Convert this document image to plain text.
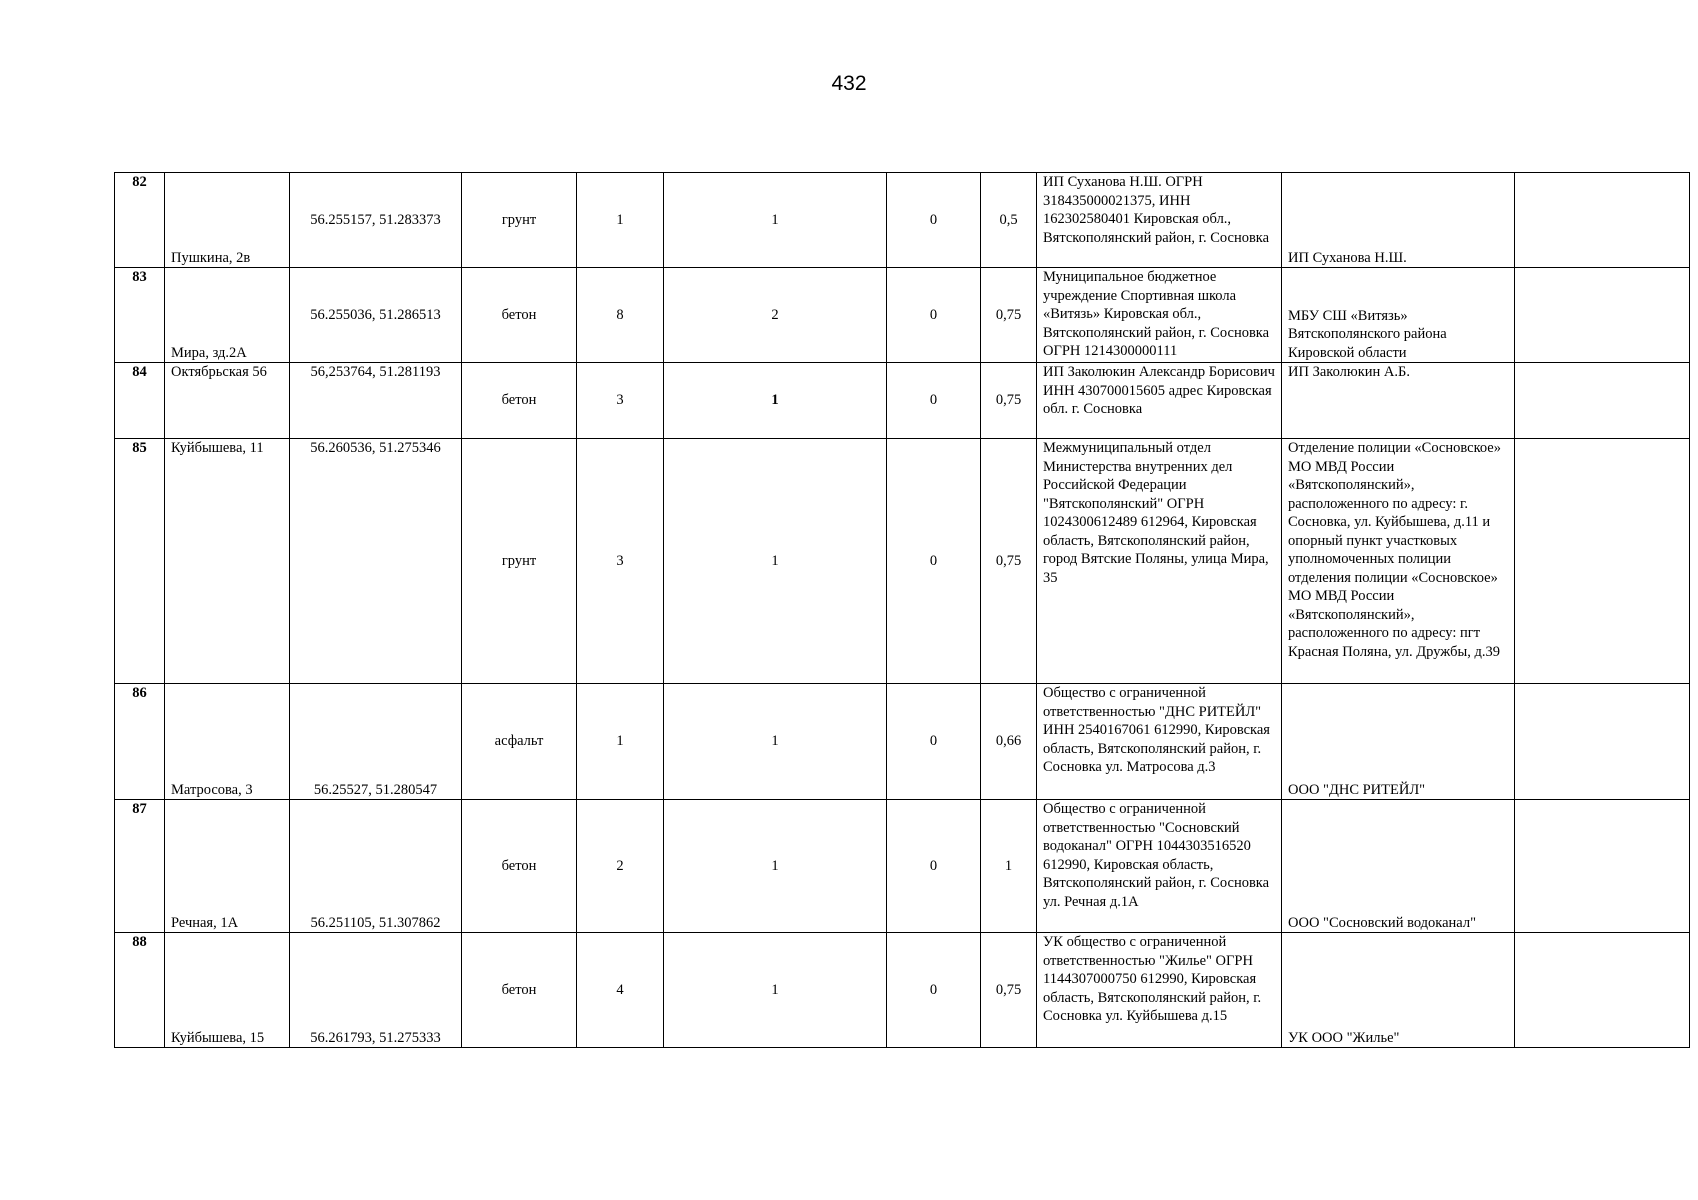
432
82	Пушкина, 2в	56.255157, 51.283373	грунт	1	1	0	0,5	ИП Суханова Н.Ш. ОГРН 318435000021375, ИНН 162302580401 Кировская обл., Вятскополянский район, г. Сосновка	ИП Суханова Н.Ш.	
83	Мира, зд.2А	56.255036, 51.286513	бетон	8	2	0	0,75	Муниципальное бюджетное учреждение Спортивная школа «Витязь» Кировская обл., Вятскополянский район, г. Сосновка ОГРН 1214300000111	МБУ СШ «Витязь» Вятскополянского района Кировской области	
84	Октябрьская 56	56,253764, 51.281193	бетон	3	1	0	0,75	ИП Заколюкин Александр Борисович ИНН 430700015605 адрес Кировская обл. г. Сосновка	ИП Заколюкин А.Б.	
85	Куйбышева, 11	56.260536, 51.275346	грунт	3	1	0	0,75	Межмуниципальный отдел Министерства внутренних дел Российской Федерации "Вятскополянский" ОГРН 1024300612489 612964, Кировская область, Вятскополянский район, город Вятские Поляны, улица Мира, 35	Отделение полиции «Сосновское» МО МВД России «Вятскополянский», расположенного по адресу: г. Сосновка, ул. Куйбышева, д.11 и опорный пункт участковых уполномоченных полиции отделения полиции «Сосновское» МО МВД России «Вятскополянский», расположенного по адресу: пгт Красная Поляна, ул. Дружбы, д.39	
86	Матросова, 3	56.25527, 51.280547	асфальт	1	1	0	0,66	Общество с ограниченной ответственностью "ДНС РИТЕЙЛ" ИНН 2540167061 612990, Кировская область, Вятскополянский район, г. Сосновка ул. Матросова д.3	ООО "ДНС РИТЕЙЛ"	
87	Речная, 1А	56.251105, 51.307862	бетон	2	1	0	1	Общество с ограниченной ответственностью "Сосновский водоканал" ОГРН 1044303516520 612990, Кировская область, Вятскополянский район, г. Сосновка ул. Речная д.1А	ООО "Сосновский водоканал"	
88	Куйбышева, 15	56.261793, 51.275333	бетон	4	1	0	0,75	УК общество с ограниченной ответственностью "Жилье" ОГРН 1144307000750 612990, Кировская область, Вятскополянский район, г. Сосновка ул. Куйбышева д.15	УК ООО "Жилье"	
